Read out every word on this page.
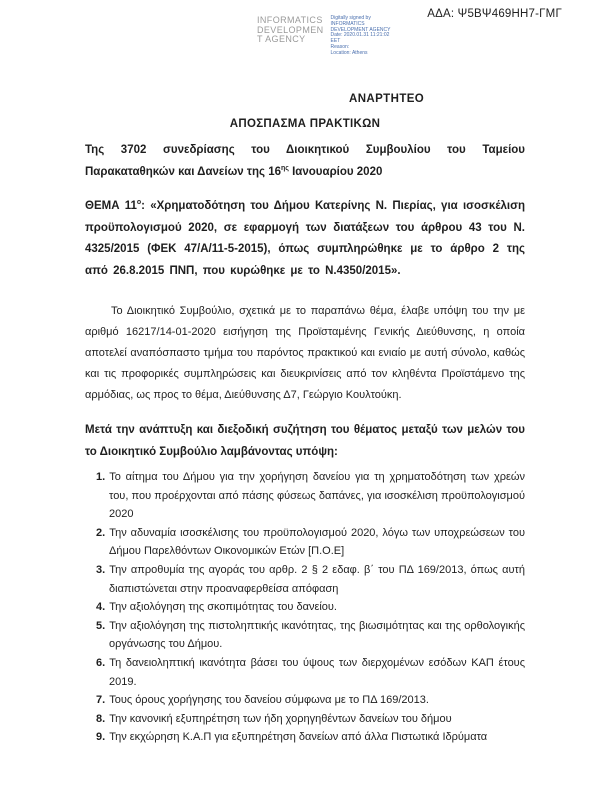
ΑΔΑ: Ψ5ΒΨ469ΗΗ7-ΓΜΓ
INFORMATICS
DEVELOPMEN
T AGENCY
Digitally signed by
INFORMATICS
DEVELOPMENT AGENCY
Date: 2020.01.31 11:21:02
EET
Reason:
Location: Athens
ΑΝΑΡΤΗΤΕΟ

ΑΠΟΣΠΑΣΜΑ ΠΡΑΚΤΙΚΩΝ

Της 3702 συνεδρίασης του Διοικητικού Συμβουλίου του Ταμείου
Παρακαταθηκών και Δανείων της $16^{\eta\varsigma}$ Ιανουαρίου 2020

ΘΕΜΑ $11^o$: «Χρηματοδότηση του Δήμου Κατερίνης Ν. Πιερίας, για ισοσκέλιση προϋπολογισμού 2020, σε εφαρμογή των διατάξεων του άρθρου 43 του Ν. 4325/2015 (ΦΕΚ 47/Α/11-5-2015), όπως συμπληρώθηκε με το άρθρο 2 της από 26.8.2015 ΠΝΠ, που κυρώθηκε με το Ν.4350/2015».

Το Διοικητικό Συμβούλιο, σχετικά με το παραπάνω θέμα, έλαβε υπόψη του την με αριθμό 16217/14-01-2020 εισήγηση της Προϊσταμένης Γενικής Διεύθυνσης, η οποία αποτελεί αναπόσπαστο τμήμα του παρόντος πρακτικού και ενιαίο με αυτή σύνολο, καθώς και τις προφορικές συμπληρώσεις και διευκρινίσεις από τον κληθέντα Προϊστάμενο της αρμόδιας, ως προς το θέμα, Διεύθυνσης Δ7, Γεώργιο Κουλτούκη.

Μετά την ανάπτυξη και διεξοδική συζήτηση του θέματος μεταξύ των μελών του το Διοικητικό Συμβούλιο λαμβάνοντας υπόψη:

1. Το αίτημα του Δήμου για την χορήγηση δανείου για τη χρηματοδότηση των χρεών του, που προέρχονται από πάσης φύσεως δαπάνες, για ισοσκέλιση προϋπολογισμού 2020
2. Την αδυναμία ισοσκέλισης του προϋπολογισμού 2020, λόγω των υποχρεώσεων του Δήμου Παρελθόντων Οικονομικών Ετών [Π.Ο.Ε]
3. Την απροθυμία της αγοράς του αρθρ. 2 § 2 εδαφ. β΄ του ΠΔ 169/2013, όπως αυτή διαπιστώνεται στην προαναφερθείσα απόφαση
4. Την αξιολόγηση της σκοπιμότητας του δανείου.
5. Την αξιολόγηση της πιστοληπτικής ικανότητας, της βιωσιμότητας και της ορθολογικής οργάνωσης του Δήμου.
6. Τη δανειοληπτική ικανότητα βάσει του ύψους των διερχομένων εσόδων ΚΑΠ έτους 2019.
7. Τους όρους χορήγησης του δανείου σύμφωνα με το ΠΔ 169/2013.
8. Την κανονική εξυπηρέτηση των ήδη χορηγηθέντων δανείων του δήμου
9. Την εκχώρηση Κ.Α.Π για εξυπηρέτηση δανείων από άλλα Πιστωτικά Ιδρύματα
